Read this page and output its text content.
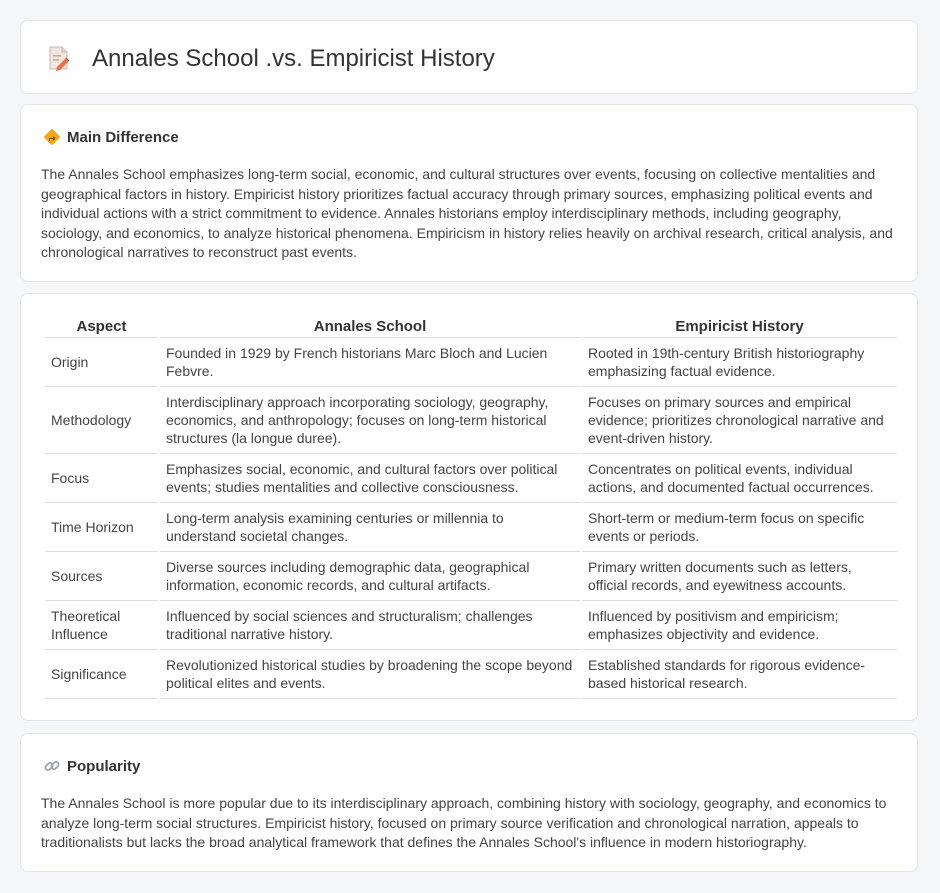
Annales School .vs. Empiricist History
Main Difference

The Annales School emphasizes long-term social, economic, and cultural structures over events, focusing on collective mentalities and geographical factors in history. Empiricist history prioritizes factual accuracy through primary sources, emphasizing political events and individual actions with a strict commitment to evidence. Annales historians employ interdisciplinary methods, including geography, sociology, and economics, to analyze historical phenomena. Empiricism in history relies heavily on archival research, critical analysis, and chronological narratives to reconstruct past events.

Aspect	Annales School	Empiricist History
Origin	Founded in 1929 by French historians Marc Bloch and Lucien Febvre.	Rooted in 19th-century British historiography emphasizing factual evidence.
Methodology	Interdisciplinary approach incorporating sociology, geography, economics, and anthropology; focuses on long-term historical structures (la longue duree).	Focuses on primary sources and empirical evidence; prioritizes chronological narrative and event-driven history.
Focus	Emphasizes social, economic, and cultural factors over political events; studies mentalities and collective consciousness.	Concentrates on political events, individual actions, and documented factual occurrences.
Time Horizon	Long-term analysis examining centuries or millennia to understand societal changes.	Short-term or medium-term focus on specific events or periods.
Sources	Diverse sources including demographic data, geographical information, economic records, and cultural artifacts.	Primary written documents such as letters, official records, and eyewitness accounts.
Theoretical Influence	Influenced by social sciences and structuralism; challenges traditional narrative history.	Influenced by positivism and empiricism; emphasizes objectivity and evidence.
Significance	Revolutionized historical studies by broadening the scope beyond political elites and events.	Established standards for rigorous evidence-based historical research.
Popularity

The Annales School is more popular due to its interdisciplinary approach, combining history with sociology, geography, and economics to analyze long-term social structures. Empiricist history, focused on primary source verification and chronological narration, appeals to traditionalists but lacks the broad analytical framework that defines the Annales School's influence in modern historiography.
